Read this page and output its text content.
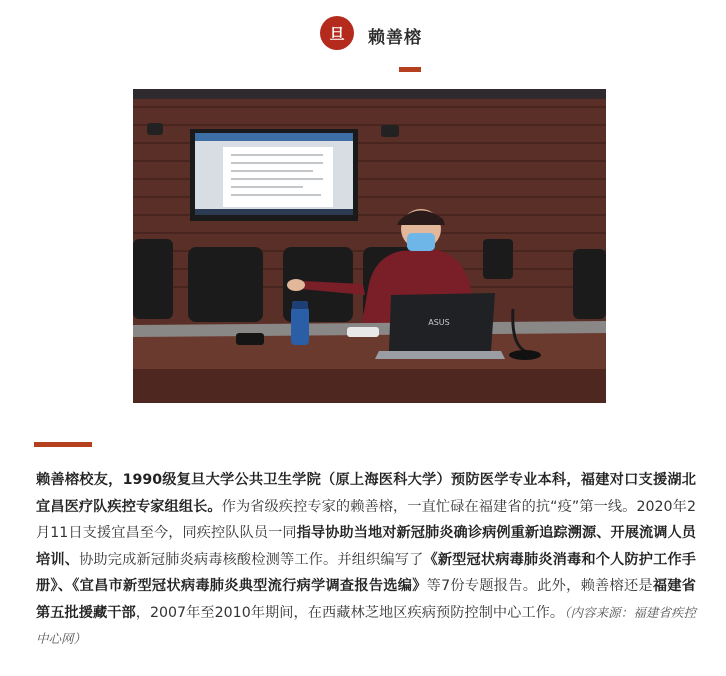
旦	赖善榕
ASUS
赖善榕校友，1990级复旦大学公共卫生学院（原上海医科大学）预防医学专业本科，福建对口支援湖北宜昌医疗队疾控专家组组长。作为省级疾控专家的赖善榕，一直忙碌在福建省的抗“疫”第一线。2020年2月11日支援宜昌至今，同疾控队队员一同指导协助当地对新冠肺炎确诊病例重新追踪溯源、开展流调人员培训、协助完成新冠肺炎病毒核酸检测等工作。并组织编写了《新型冠状病毒肺炎消毒和个人防护工作手册》、《宜昌市新型冠状病毒肺炎典型流行病学调查报告选编》等7份专题报告。此外，赖善榕还是福建省第五批援藏干部，2007年至2010年期间，在西藏林芝地区疾病预防控制中心工作。（内容来源：福建省疾控中心网）
